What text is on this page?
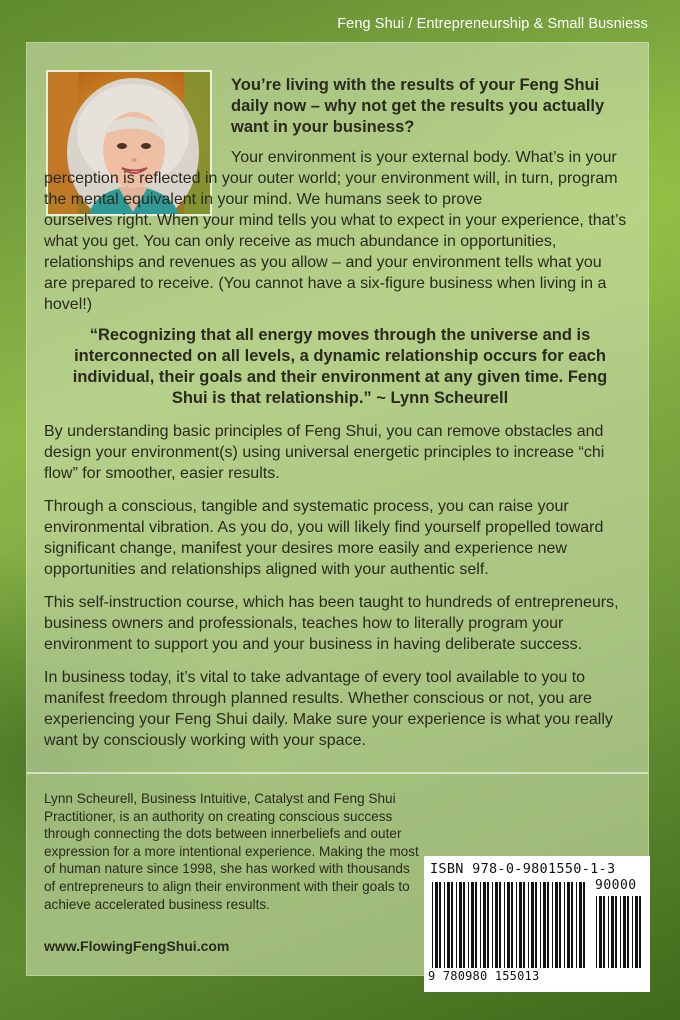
Feng Shui / Entrepreneurship & Small Busniess
You’re living with the results of your Feng Shui daily now – why not get the results you actually want in your business?
Your environment is your external body. What’s in your perception is reflected in your outer world; your environment will, in turn, program the mental equivalent in your mind. We humans seek to prove
ourselves right. When your mind tells you what to expect in your experience, that’s what you get. You can only receive as much abundance in opportunities, relationships and revenues as you allow – and your environment tells what you are prepared to receive. (You cannot have a six-figure business when living in a hovel!)
“Recognizing that all energy moves through the universe and is interconnected on all levels, a dynamic relationship occurs for each individual, their goals and their environment at any given time. Feng Shui is that relationship.” ~ Lynn Scheurell
By understanding basic principles of Feng Shui, you can remove obstacles and design your environment(s) using universal energetic principles to increase “chi flow” for smoother, easier results.
Through a conscious, tangible and systematic process, you can raise your environmental vibration. As you do, you will likely find yourself propelled toward significant change, manifest your desires more easily and experience new opportunities and relationships aligned with your authentic self.
This self-instruction course, which has been taught to hundreds of entrepreneurs, business owners and professionals, teaches how to literally program your environment to support you and your business in having deliberate success.
In business today, it’s vital to take advantage of every tool available to you to manifest freedom through planned results. Whether conscious or not, you are experiencing your Feng Shui daily. Make sure your experience is what you really want by consciously working with your space.
Lynn Scheurell, Business Intuitive, Catalyst and Feng Shui Practitioner, is an authority on creating conscious success through connecting the dots between innerbeliefs and outer expression for a more intentional experience. Making the most of human nature since 1998, she has worked with thousands of entrepreneurs to align their environment with their goals to achieve accelerated business results.
www.FlowingFengShui.com
ISBN 978-0-9801550-1-3
90000
9 780980 155013
